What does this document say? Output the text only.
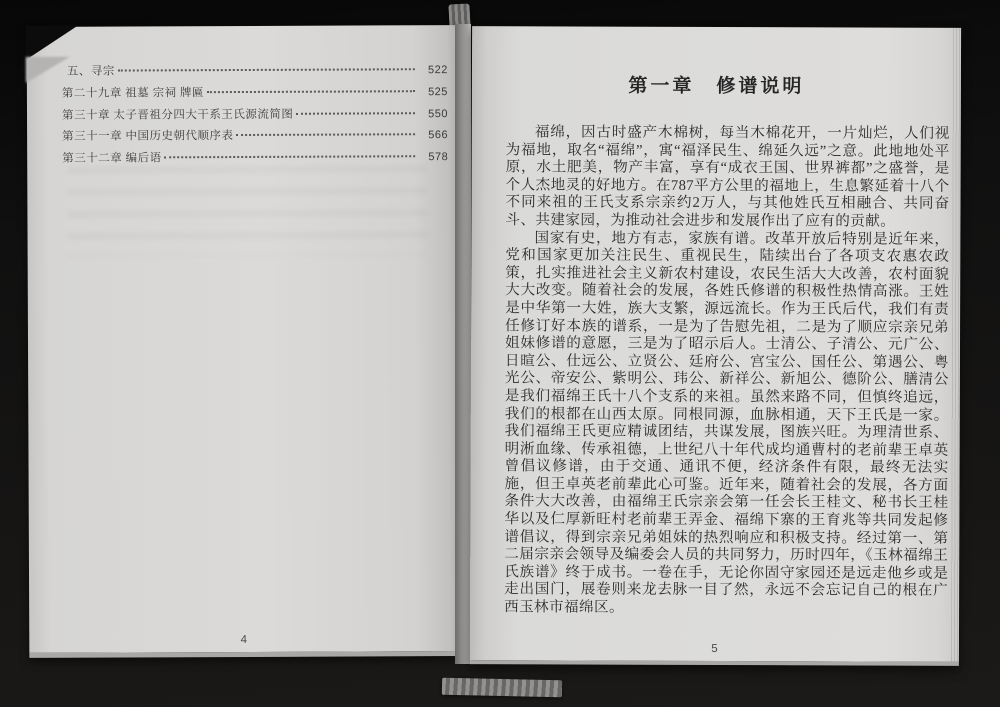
五、寻宗	522
第二十九章 祖墓 宗祠 牌匾	525
第三十章 太子晋祖分四大干系王氏源流简图	550
第三十一章 中国历史朝代顺序表	566
第三十二章 编后语	578
4
第一章　修谱说明

福绵，因古时盛产木棉树，每当木棉花开，一片灿烂，人们视为福地，取名“福绵”，寓“福泽民生、绵延久远”之意。此地地处平原，水土肥美，物产丰富，享有“成衣王国、世界裤都”之盛誉，是个人杰地灵的好地方。在787平方公里的福地上，生息繁延着十八个不同来祖的王氏支系宗亲约2万人，与其他姓氏互相融合、共同奋斗、共建家园，为推动社会进步和发展作出了应有的贡献。

国家有史，地方有志，家族有谱。改革开放后特别是近年来，党和国家更加关注民生、重视民生，陆续出台了各项支农惠农政策，扎实推进社会主义新农村建设，农民生活大大改善，农村面貌大大改变。随着社会的发展，各姓氏修谱的积极性热情高涨。王姓是中华第一大姓，族大支繁，源远流长。作为王氏后代，我们有责任修订好本族的谱系，一是为了告慰先祖，二是为了顺应宗亲兄弟姐妹修谱的意愿，三是为了昭示后人。士清公、子清公、元广公、日暄公、仕远公、立贤公、廷府公、宫宝公、国任公、第遇公、粤光公、帝安公、紫明公、玮公、新祥公、新旭公、德阶公、膳清公是我们福绵王氏十八个支系的来祖。虽然来路不同，但慎终追远，我们的根都在山西太原。同根同源，血脉相通，天下王氏是一家。我们福绵王氏更应精诚团结，共谋发展，图族兴旺。为理清世系、明淅血缘、传承祖德，上世纪八十年代成均通曹村的老前辈王卓英曾倡议修谱，由于交通、通讯不便，经济条件有限，最终无法实施，但王卓英老前辈此心可鉴。近年来，随着社会的发展，各方面条件大大改善，由福绵王氏宗亲会第一任会长王桂文、秘书长王桂华以及仁厚新旺村老前辈王弄金、福绵下寨的王育兆等共同发起修谱倡议，得到宗亲兄弟姐妹的热烈响应和积极支持。经过第一、第二届宗亲会领导及编委会人员的共同努力，历时四年，《玉林福绵王氏族谱》终于成书。一卷在手，无论你固守家园还是远走他乡或是走出国门，展卷则来龙去脉一目了然，永远不会忘记自己的根在广西玉林市福绵区。

5
